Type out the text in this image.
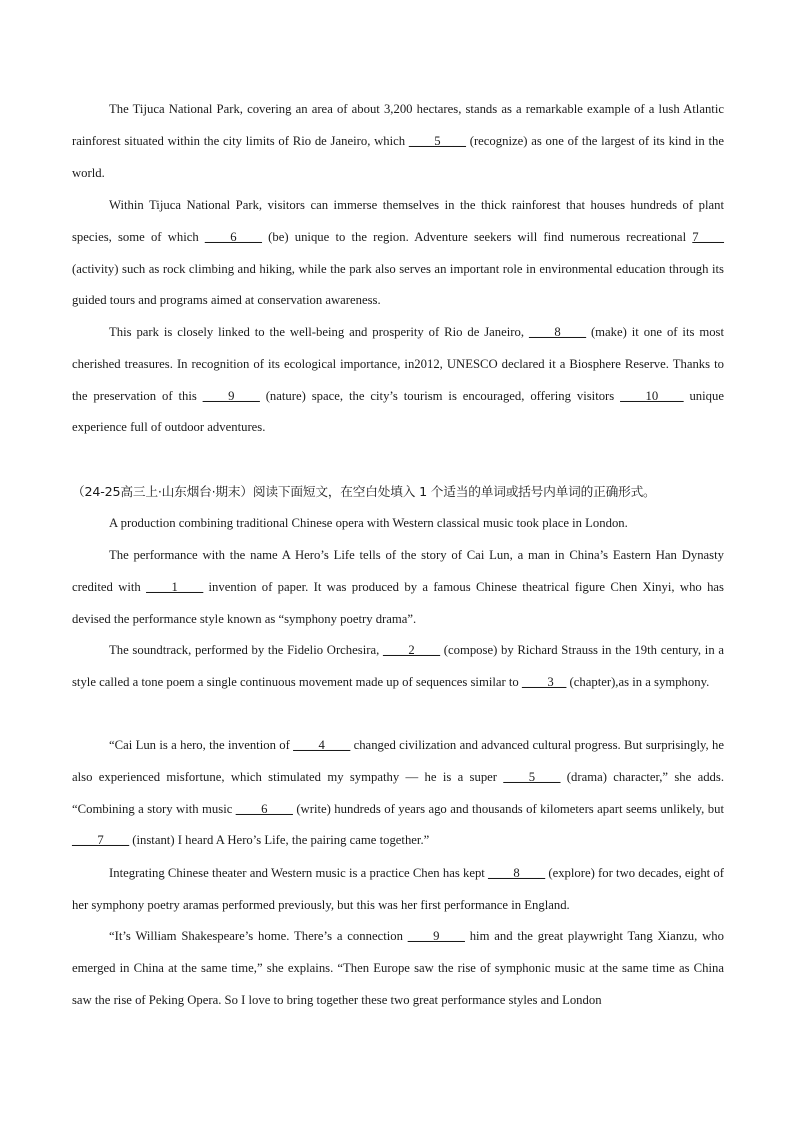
The Tijuca National Park, covering an area of about 3,200 hectares, stands as a remarkable example of a lush Atlantic rainforest situated within the city limits of Rio de Janeiro, which ____5____ (recognize) as one of the largest of its kind in the world.

Within Tijuca National Park, visitors can immerse themselves in the thick rainforest that houses hundreds of plant species, some of which ____6____ (be) unique to the region. Adventure seekers will find numerous recreational 7____ (activity) such as rock climbing and hiking, while the park also serves an important role in environmental education through its guided tours and programs aimed at conservation awareness.

This park is closely linked to the well-being and prosperity of Rio de Janeiro, ____8____ (make) it one of its most cherished treasures. In recognition of its ecological importance, in2012, UNESCO declared it a Biosphere Reserve. Thanks to the preservation of this ____9____ (nature) space, the city’s tourism is encouraged, offering visitors ____10____ unique experience full of outdoor adventures.

（24-25高三上·山东烟台·期末）阅读下面短文，在空白处填入 1 个适当的单词或括号内单词的正确形式。

A production combining traditional Chinese opera with Western classical music took place in London.

The performance with the name A Hero’s Life tells of the story of Cai Lun, a man in China’s Eastern Han Dynasty credited with ____1____ invention of paper. It was produced by a famous Chinese theatrical figure Chen Xinyi, who has devised the performance style known as “symphony poetry drama”.

The soundtrack, performed by the Fidelio Orchesira, ____2____ (compose) by Richard Strauss in the 19th century, in a style called a tone poem a single continuous movement made up of sequences similar to ____3__ (chapter),as in a symphony.

“Cai Lun is a hero, the invention of ____4____ changed civilization and advanced cultural progress. But surprisingly, he also experienced misfortune, which stimulated my sympathy — he is a super ____5____ (drama) character,” she adds. “Combining a story with music ____6____ (write) hundreds of years ago and thousands of kilometers apart seems unlikely, but ____7____ (instant) I heard A Hero’s Life, the pairing came together.”

Integrating Chinese theater and Western music is a practice Chen has kept ____8____ (explore) for two decades, eight of her symphony poetry aramas performed previously, but this was her first performance in England.

“It’s William Shakespeare’s home. There’s a connection ____9____ him and the great playwright Tang Xianzu, who emerged in China at the same time,” she explains. “Then Europe saw the rise of symphonic music at the same time as China saw the rise of Peking Opera. So I love to bring together these two great performance styles and London
